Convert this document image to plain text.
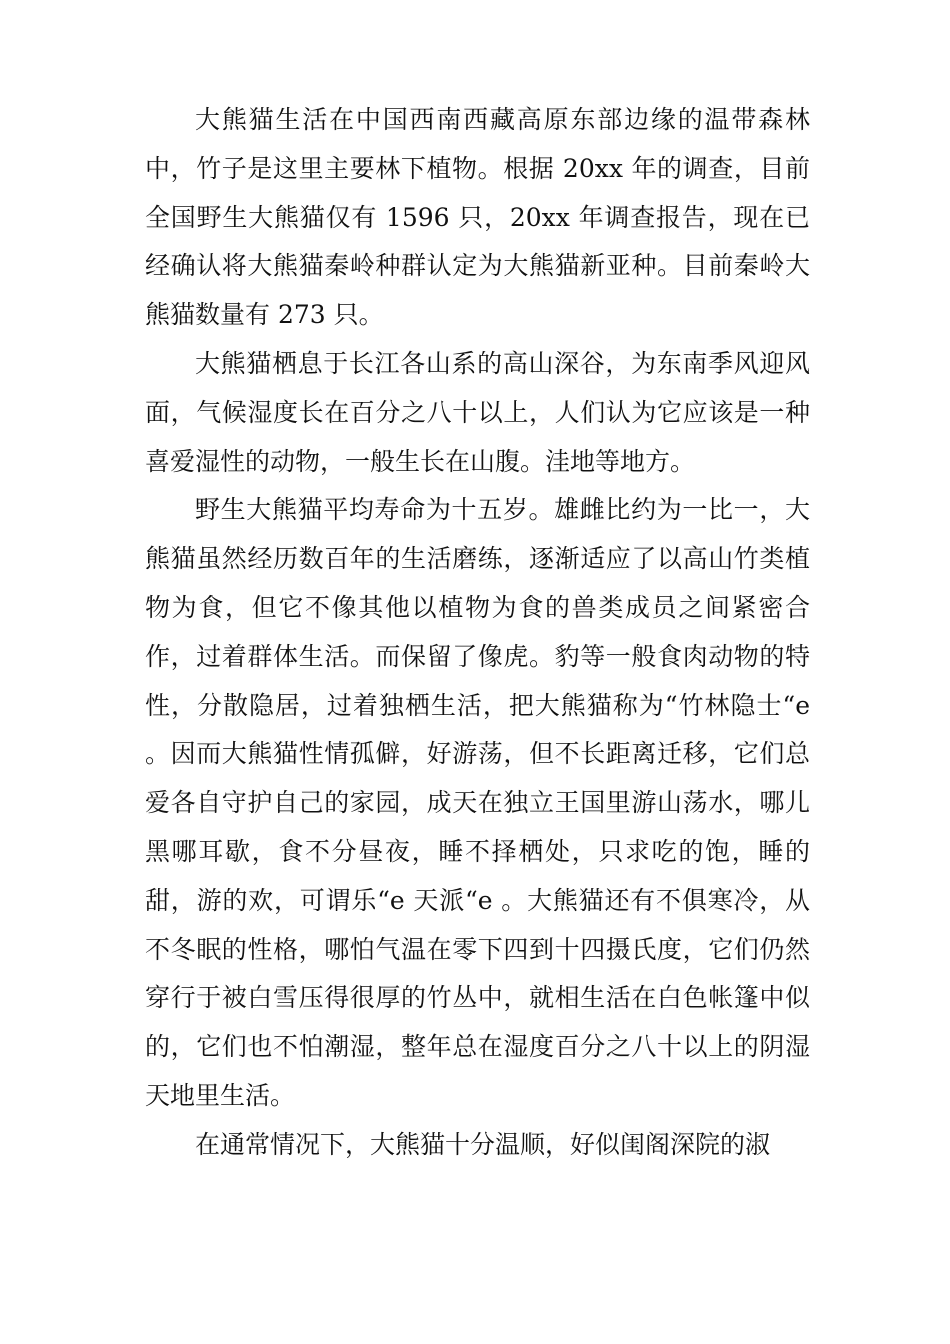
大熊猫生活在中国西南西藏高原东部边缘的温带森林中，竹子是这里主要林下植物。根据 20xx 年的调查，目前全国野生大熊猫仅有 1596 只，20xx 年调查报告，现在已经确认将大熊猫秦岭种群认定为大熊猫新亚种。目前秦岭大熊猫数量有 273 只。

大熊猫栖息于长江各山系的高山深谷，为东南季风迎风面，气候湿度长在百分之八十以上，人们认为它应该是一种喜爱湿性的动物，一般生长在山腹。洼地等地方。

野生大熊猫平均寿命为十五岁。雄雌比约为一比一，大熊猫虽然经历数百年的生活磨练，逐渐适应了以高山竹类植物为食，但它不像其他以植物为食的兽类成员之间紧密合作，过着群体生活。而保留了像虎。豹等一般食肉动物的特性，分散隐居，过着独栖生活，把大熊猫称为“竹林隐士“e 。因而大熊猫性情孤僻，好游荡，但不长距离迁移，它们总爱各自守护自己的家园，成天在独立王国里游山荡水，哪儿黑哪耳歇，食不分昼夜，睡不择栖处，只求吃的饱，睡的甜，游的欢，可谓乐“e 天派“e 。大熊猫还有不俱寒冷，从不冬眠的性格，哪怕气温在零下四到十四摄氏度，它们仍然穿行于被白雪压得很厚的竹丛中，就相生活在白色帐篷中似的，它们也不怕潮湿，整年总在湿度百分之八十以上的阴湿天地里生活。

在通常情况下，大熊猫十分温顺，好似闺阁深院的淑
